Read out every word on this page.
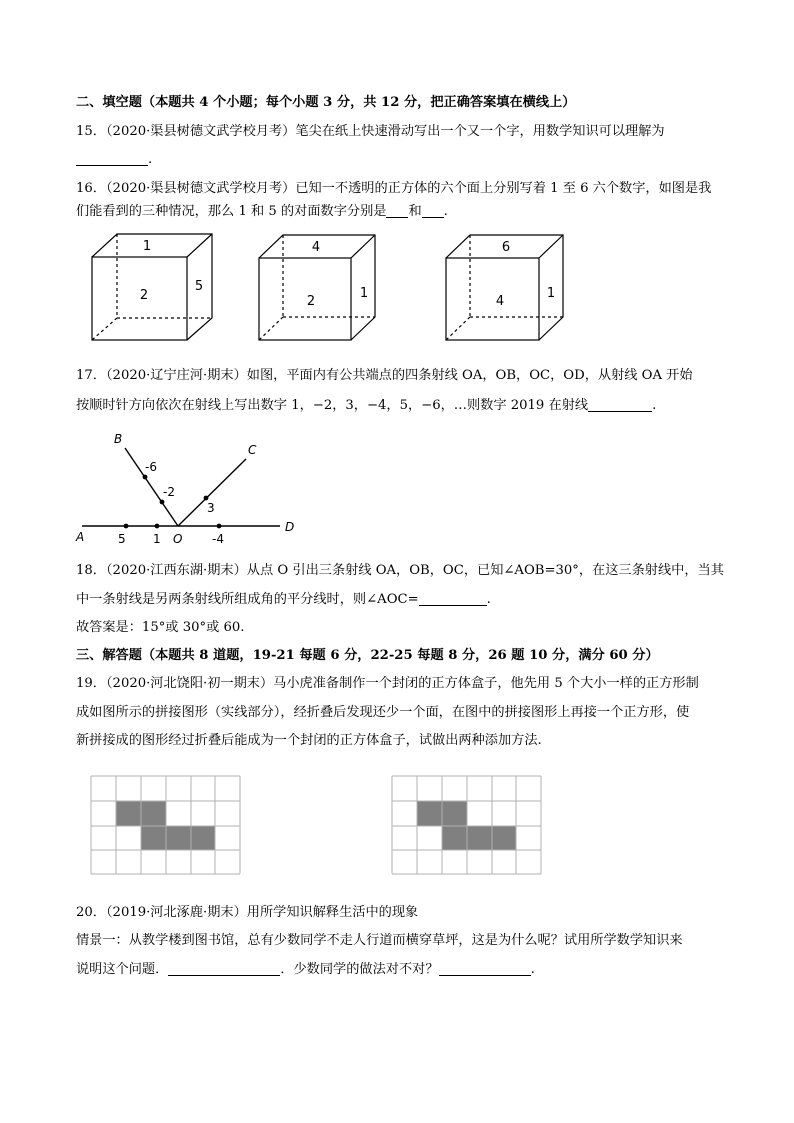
二、填空题（本题共 4 个小题；每个小题 3 分，共 12 分，把正确答案填在横线上）
15．（2020·渠县树德文武学校月考）笔尖在纸上快速滑动写出一个又一个字，用数学知识可以理解为
.
16．（2020·渠县树德文武学校月考）已知一不透明的正方体的六个面上分别写着 1 至 6 六个数字，如图是我
们能看到的三种情况，那么 1 和 5 的对面数字分别是 和 .
1
2
5
4
2
1
6
4
1
17．（2020·辽宁庄河·期末）如图，平面内有公共端点的四条射线 OA，OB，OC，OD，从射线 OA 开始
按顺时针方向依次在射线上写出数字 1，−2，3，−4，5，−6，…则数字 2019 在射线	.
A
B
C
D
O
5 1	-4
-6
-2
3
18．（2020·江西东湖·期末）从点 O 引出三条射线 OA，OB，OC，已知∠AOB=30°，在这三条射线中，当其
中一条射线是另两条射线所组成角的平分线时，则∠AOC=	.
故答案是：15°或 30°或 60.
三、解答题（本题共 8 道题，19-21 每题 6 分，22-25 每题 8 分，26 题 10 分，满分 60 分）
19．（2020·河北饶阳·初一期末）马小虎准备制作一个封闭的正方体盒子，他先用 5 个大小一样的正方形制
成如图所示的拼接图形（实线部分），经折叠后发现还少一个面，在图中的拼接图形上再接一个正方形，使
新拼接成的图形经过折叠后能成为一个封闭的正方体盒子，试做出两种添加方法.
20．（2019·河北涿鹿·期末）用所学知识解释生活中的现象
情景一：从教学楼到图书馆，总有少数同学不走人行道而横穿草坪，这是为什么呢？试用所学数学知识来
说明这个问题．	．少数同学的做法对不对？	.
